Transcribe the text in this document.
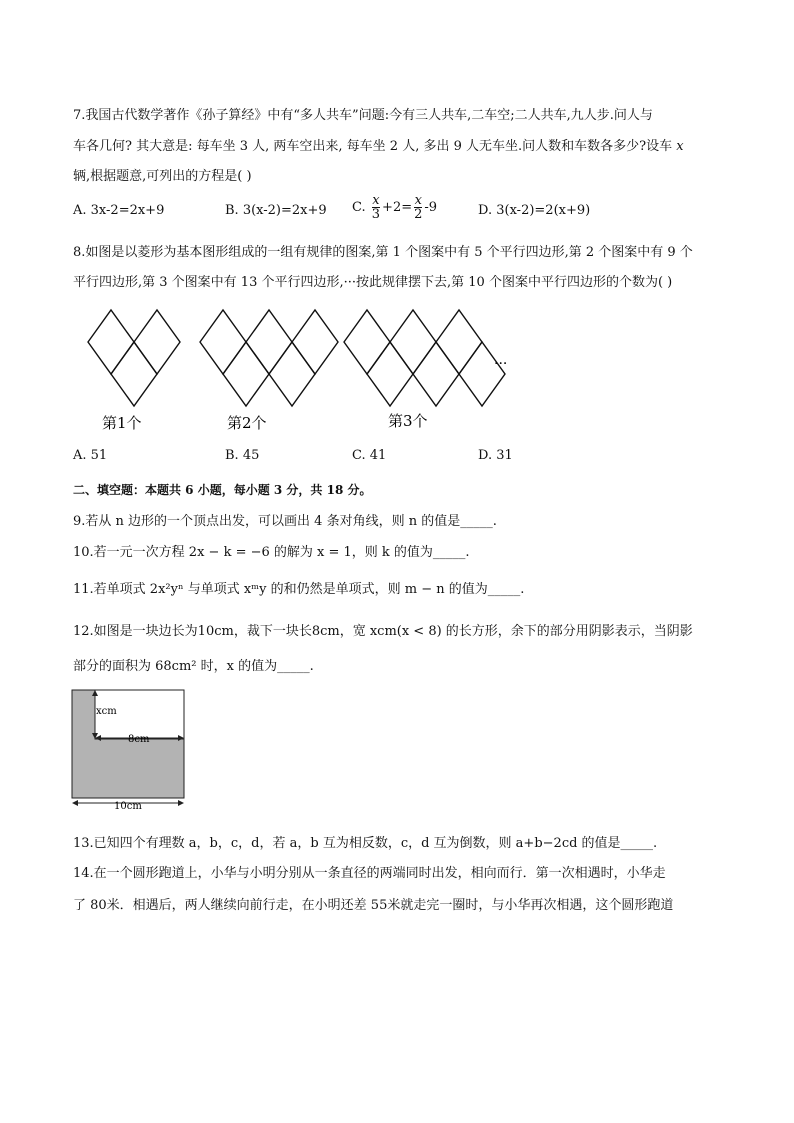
7.我国古代数学著作《孙子算经》中有“多人共车”问题:今有三人共车,二车空;二人共车,九人步.问人与
车各几何? 其大意是: 每车坐 3 人, 两车空出来, 每车坐 2 人, 多出 9 人无车坐.问人数和车数各多少?设车 x
辆,根据题意,可列出的方程是( )
A. 3x-2=2x+9	B. 3(x-2)=2x+9 C. $\frac{x}{3} +2= \frac{x}{2} -9$	D. 3(x-2)=2(x+9)
8.如图是以菱形为基本图形组成的一组有规律的图案,第 1 个图案中有 5 个平行四边形,第 2 个图案中有 9 个
平行四边形,第 3 个图案中有 13 个平行四边形,···按此规律摆下去,第 10 个图案中平行四边形的个数为( )
···
第1个	第2个	第3个
A. 51	B. 45	C. 41	D. 31
二、填空题：本题共 6 小题，每小题 3 分，共 18 分。
9.若从 n 边形的一个顶点出发，可以画出 4 条对角线，则 n 的值是_____.
10.若一元一次方程 2x − k = −6 的解为 x = 1，则 k 的值为_____.
11.若单项式 2x²yⁿ 与单项式 xᵐy 的和仍然是单项式，则 m − n 的值为_____.
12.如图是一块边长为10cm，裁下一块长8cm，宽 xcm(x < 8) 的长方形，余下的部分用阴影表示，当阴影
部分的面积为 68cm² 时，x 的值为_____.
xcm
8cm
10cm
13.已知四个有理数 a，b，c，d，若 a，b 互为相反数，c，d 互为倒数，则 a+b−2cd 的值是_____.
14.在一个圆形跑道上，小华与小明分别从一条直径的两端同时出发，相向而行．第一次相遇时，小华走
了 80米．相遇后，两人继续向前行走，在小明还差 55米就走完一圈时，与小华再次相遇，这个圆形跑道
